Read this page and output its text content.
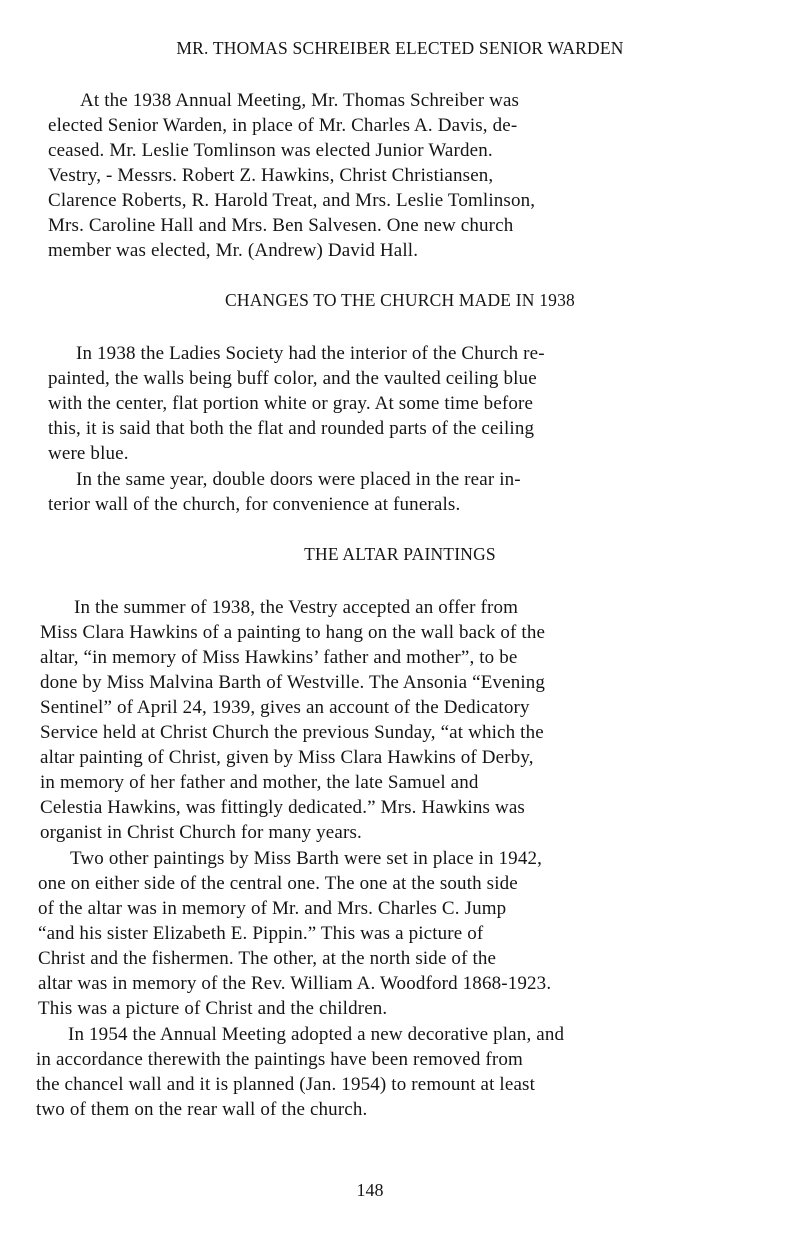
MR. THOMAS SCHREIBER ELECTED SENIOR WARDEN
At the 1938 Annual Meeting, Mr. Thomas Schreiber was
elected Senior Warden, in place of Mr. Charles A. Davis, de-
ceased. Mr. Leslie Tomlinson was elected Junior Warden.
Vestry, - Messrs. Robert Z. Hawkins, Christ Christiansen,
Clarence Roberts, R. Harold Treat, and Mrs. Leslie Tomlinson,
Mrs. Caroline Hall and Mrs. Ben Salvesen. One new church
member was elected, Mr. (Andrew) David Hall.
CHANGES TO THE CHURCH MADE IN 1938
In 1938 the Ladies Society had the interior of the Church re-
painted, the walls being buff color, and the vaulted ceiling blue
with the center, flat portion white or gray. At some time before
this, it is said that both the flat and rounded parts of the ceiling
were blue.
In the same year, double doors were placed in the rear in-
terior wall of the church, for convenience at funerals.
THE ALTAR PAINTINGS
In the summer of 1938, the Vestry accepted an offer from
Miss Clara Hawkins of a painting to hang on the wall back of the
altar, “in memory of Miss Hawkins’ father and mother”, to be
done by Miss Malvina Barth of Westville. The Ansonia “Evening
Sentinel” of April 24, 1939, gives an account of the Dedicatory
Service held at Christ Church the previous Sunday, “at which the
altar painting of Christ, given by Miss Clara Hawkins of Derby,
in memory of her father and mother, the late Samuel and
Celestia Hawkins, was fittingly dedicated.” Mrs. Hawkins was
organist in Christ Church for many years.
Two other paintings by Miss Barth were set in place in 1942,
one on either side of the central one. The one at the south side
of the altar was in memory of Mr. and Mrs. Charles C. Jump
“and his sister Elizabeth E. Pippin.” This was a picture of
Christ and the fishermen. The other, at the north side of the
altar was in memory of the Rev. William A. Woodford 1868-1923.
This was a picture of Christ and the children.
In 1954 the Annual Meeting adopted a new decorative plan, and
in accordance therewith the paintings have been removed from
the chancel wall and it is planned (Jan. 1954) to remount at least
two of them on the rear wall of the church.
148
